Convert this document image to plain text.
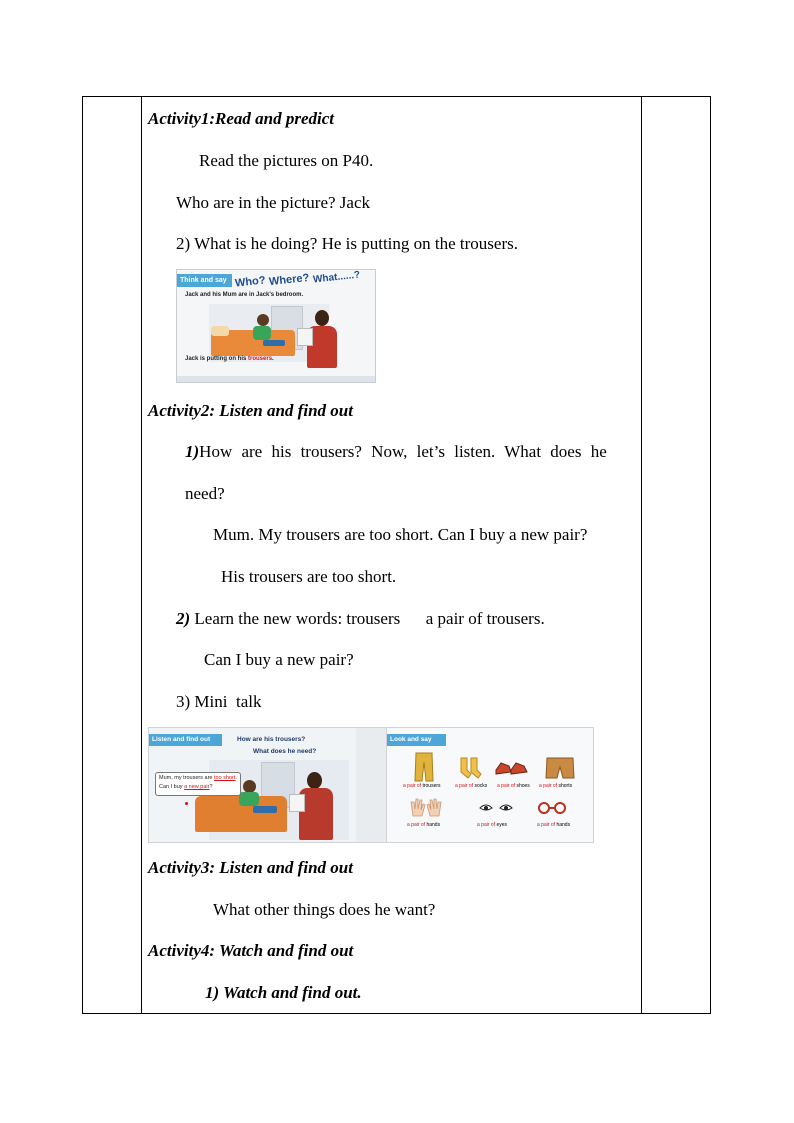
Activity1:Read and predict
Read the pictures on P40.
Who are in the picture? Jack
2) What is he doing? He is putting on the trousers.
Think and say Who? Where? What......?
Jack and his Mum are in Jack's bedroom.
Jack is putting on his trousers.
Activity2: Listen and find out
1)How are his trousers? Now, let’s listen. What does he
need?
Mum. My trousers are too short. Can I buy a new pair?
His trousers are too short.
2) Learn the new words: trousers      a pair of trousers.
Can I buy a new pair?
3) Mini  talk
Listen and find out	How are his trousers?
What does he need?
Mum, my trousers are too short.
Can I buy a new pair?
Look and say
a pair of trousers	a pair of socks a pair of shoes a pair of shorts
a pair of hands	a pair of eyes	a pair of hands
Activity3: Listen and find out
What other things does he want?
Activity4: Watch and find out
1) Watch and find out.
